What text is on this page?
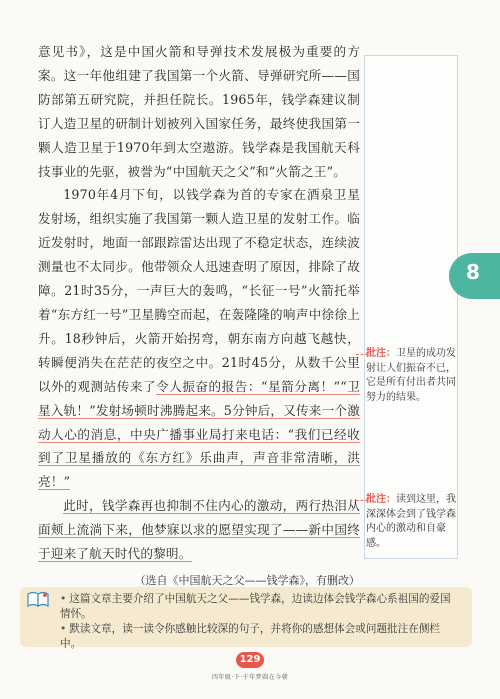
意见书》，这是中国火箭和导弹技术发展极为重要的方案。这一年他组建了我国第一个火箭、导弹研究所——国防部第五研究院，并担任院长。1965年，钱学森建议制订人造卫星的研制计划被列入国家任务，最终使我国第一颗人造卫星于1970年到太空遨游。钱学森是我国航天科技事业的先驱，被誉为“中国航天之父”和“火箭之王”。

1970年4月下旬，以钱学森为首的专家在酒泉卫星发射场，组织实施了我国第一颗人造卫星的发射工作。临近发射时，地面一部跟踪雷达出现了不稳定状态，连续波测量也不太同步。他带领众人迅速查明了原因，排除了故障。21时35分，一声巨大的轰鸣，“长征一号”火箭托举着“东方红一号”卫星腾空而起，在轰隆隆的响声中徐徐上升。18秒钟后，火箭开始拐弯，朝东南方向越飞越快，转瞬便消失在茫茫的夜空之中。21时45分，从数千公里以外的观测站传来了令人振奋的报告：“星箭分离！”“卫星入轨！”发射场顿时沸腾起来。5分钟后，又传来一个激动人心的消息，中央广播事业局打来电话：“我们已经收到了卫星播放的《东方红》乐曲声，声音非常清晰，洪亮！”

此时，钱学森再也抑制不住内心的激动，两行热泪从面颊上流淌下来，他梦寐以求的愿望实现了——新中国终于迎来了航天时代的黎明。

（选自《中国航天之父——钱学森》，有删改）
批注：卫星的成功发射让人们振奋不已，它是所有付出者共同努力的结果。
批注：读到这里，我深深体会到了钱学森内心的激动和自豪感。
8
• 这篇文章主要介绍了中国航天之父——钱学森，边读边体会钱学森心系祖国的爱国情怀。
• 默读文章，读一读令你感触比较深的句子，并将你的感想体会或问题批注在侧栏中。
129
四年级·下·千年梦圆在今朝
